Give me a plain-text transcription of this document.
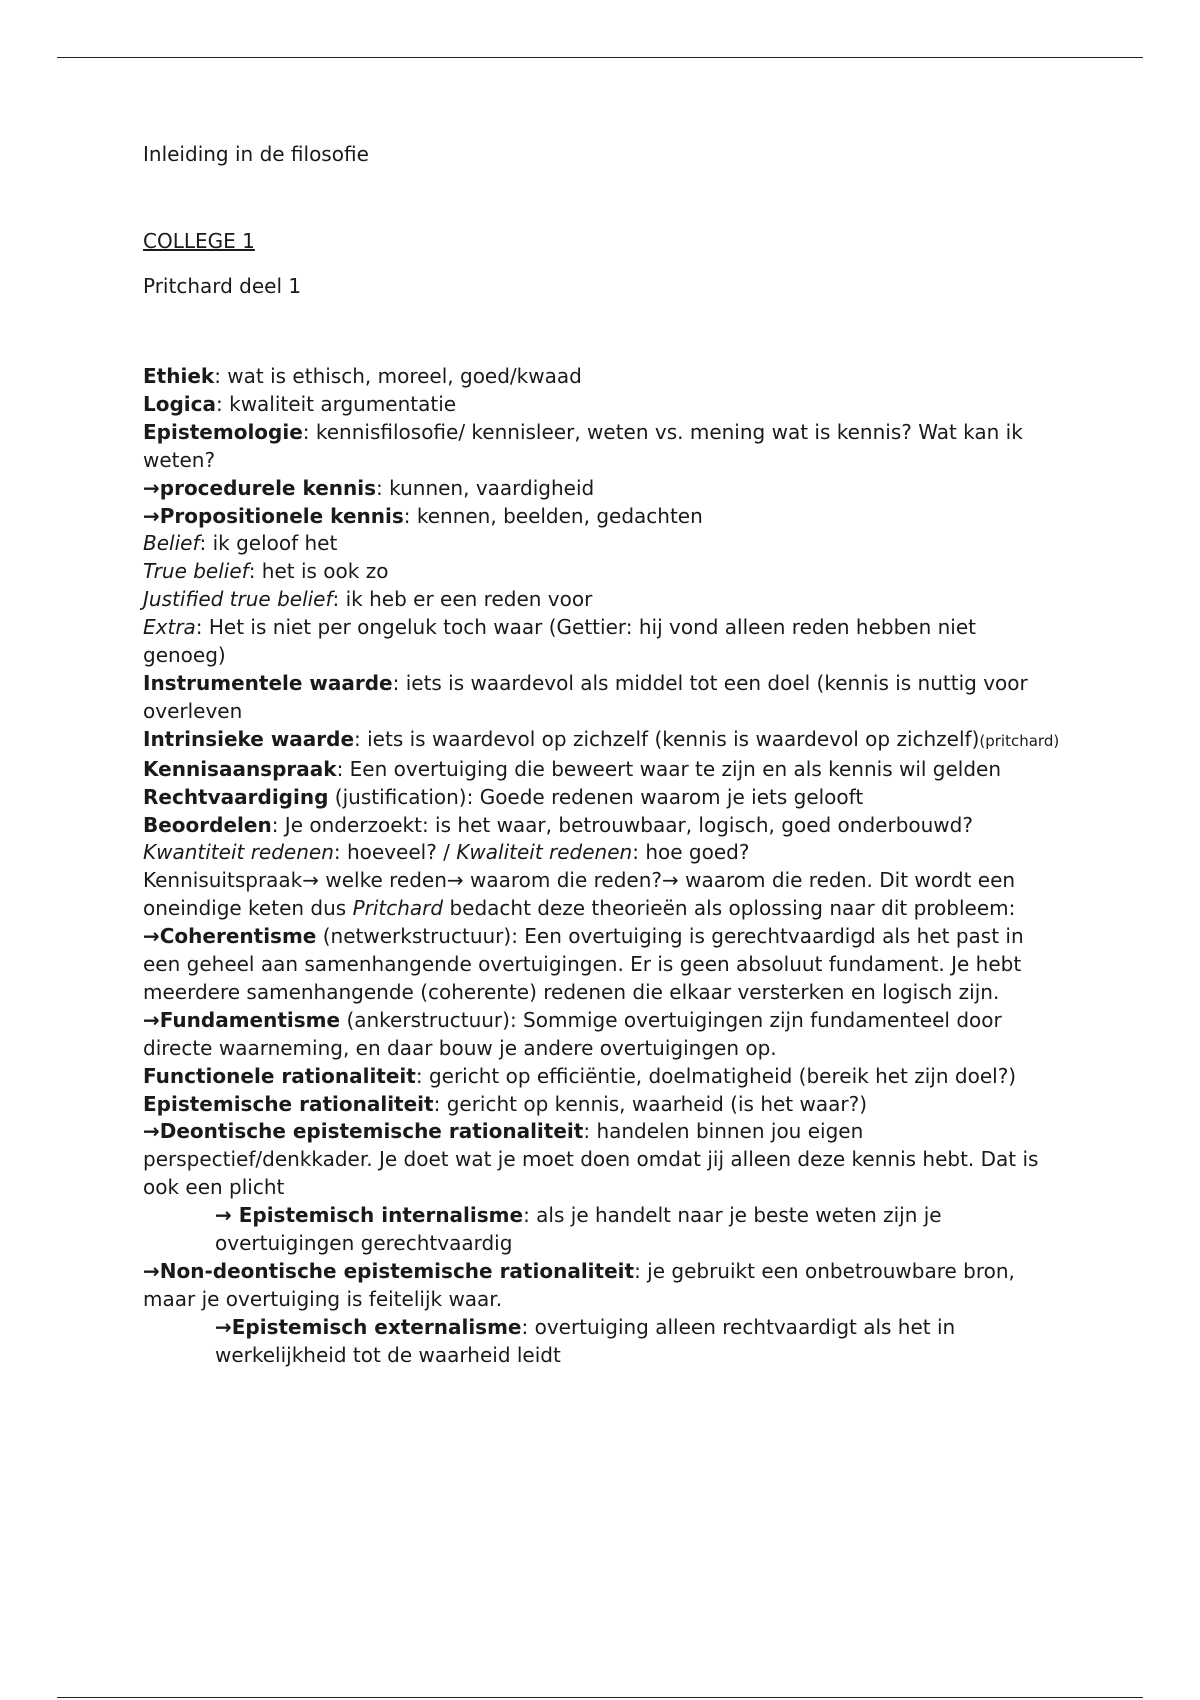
Inleiding in de filosofie
COLLEGE 1
Pritchard deel 1

Ethiek: wat is ethisch, moreel, goed/kwaad

Logica: kwaliteit argumentatie

Epistemologie: kennisfilosofie/ kennisleer, weten vs. mening wat is kennis? Wat kan ik weten?

→procedurele kennis: kunnen, vaardigheid

→Propositionele kennis: kennen, beelden, gedachten

Belief: ik geloof het

True belief: het is ook zo

Justified true belief: ik heb er een reden voor

Extra: Het is niet per ongeluk toch waar (Gettier: hij vond alleen reden hebben niet genoeg)

Instrumentele waarde: iets is waardevol als middel tot een doel (kennis is nuttig voor overleven

Intrinsieke waarde: iets is waardevol op zichzelf (kennis is waardevol op zichzelf)(pritchard)

Kennisaanspraak: Een overtuiging die beweert waar te zijn en als kennis wil gelden

Rechtvaardiging (justification): Goede redenen waarom je iets gelooft

Beoordelen: Je onderzoekt: is het waar, betrouwbaar, logisch, goed onderbouwd?

Kwantiteit redenen: hoeveel? / Kwaliteit redenen: hoe goed?

Kennisuitspraak→ welke reden→ waarom die reden?→ waarom die reden. Dit wordt een oneindige keten dus Pritchard bedacht deze theorieën als oplossing naar dit probleem:

→Coherentisme (netwerkstructuur): Een overtuiging is gerechtvaardigd als het past in een geheel aan samenhangende overtuigingen. Er is geen absoluut fundament. Je hebt meerdere samenhangende (coherente) redenen die elkaar versterken en logisch zijn.

→Fundamentisme (ankerstructuur): Sommige overtuigingen zijn fundamenteel door directe waarneming, en daar bouw je andere overtuigingen op.

Functionele rationaliteit: gericht op efficiëntie, doelmatigheid (bereik het zijn doel?)

Epistemische rationaliteit: gericht op kennis, waarheid (is het waar?)

→Deontische epistemische rationaliteit: handelen binnen jou eigen perspectief/denkkader. Je doet wat je moet doen omdat jij alleen deze kennis hebt. Dat is ook een plicht

→ Epistemisch internalisme: als je handelt naar je beste weten zijn je overtuigingen gerechtvaardig

→Non-deontische epistemische rationaliteit: je gebruikt een onbetrouwbare bron, maar je overtuiging is feitelijk waar.

→Epistemisch externalisme: overtuiging alleen rechtvaardigt als het in werkelijkheid tot de waarheid leidt
